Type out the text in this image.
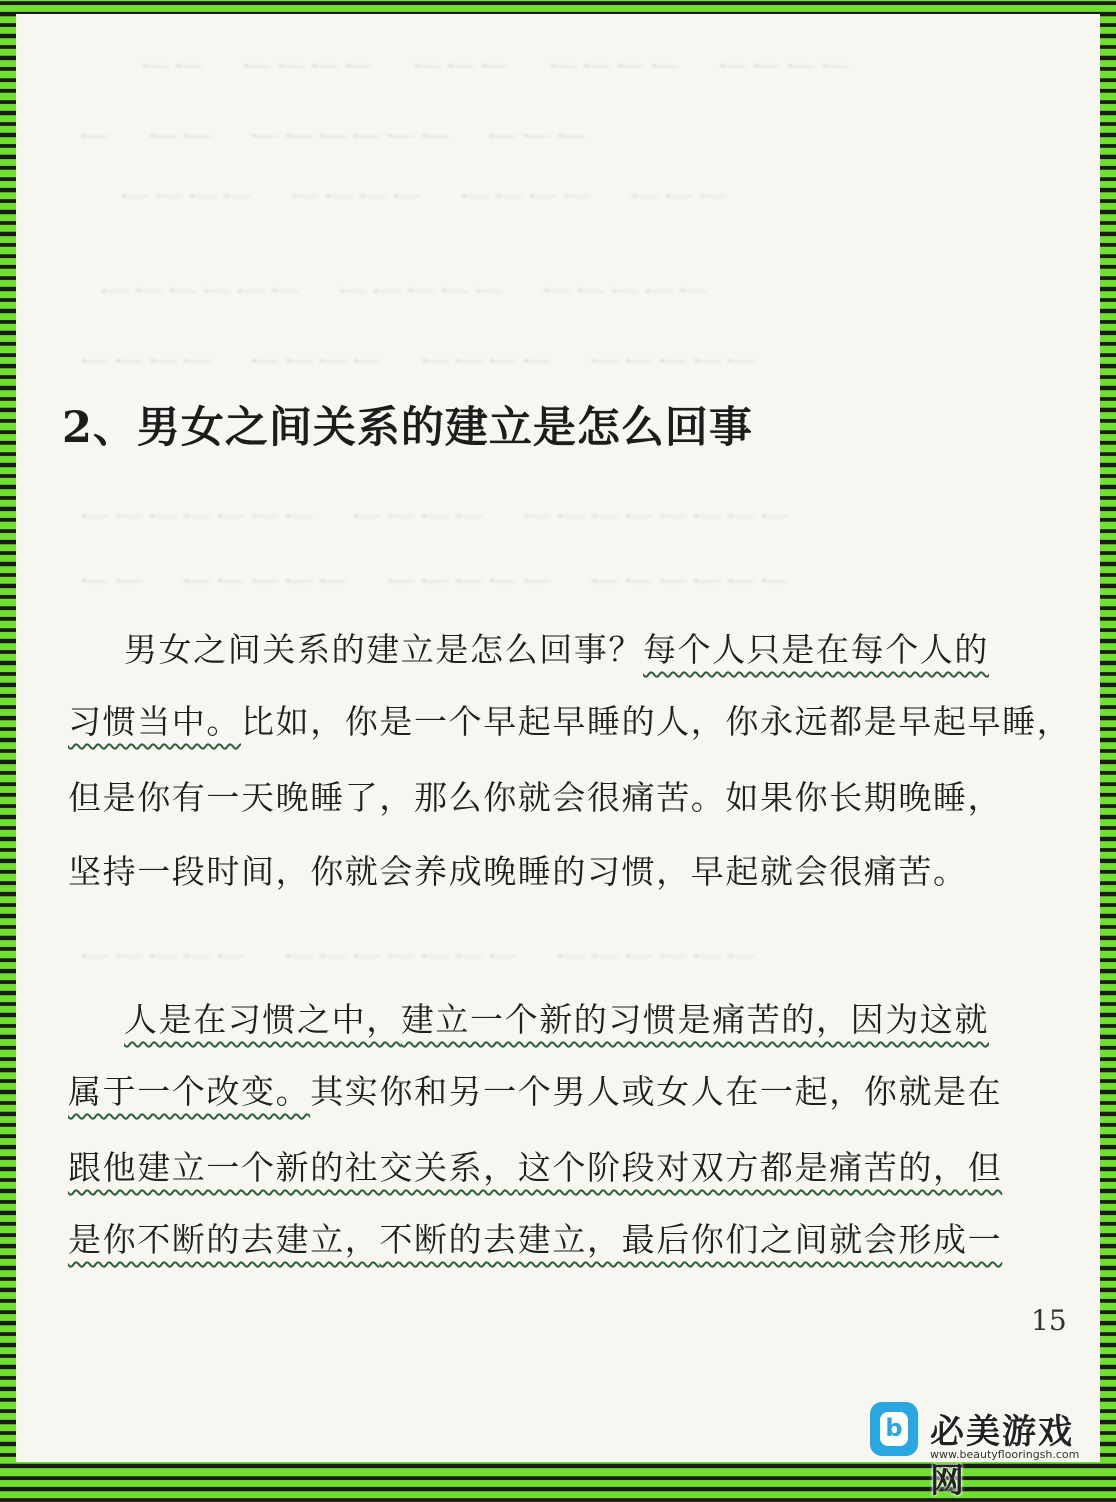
一一一一　一一一一　一一一　一一一一　一一
一一一　一一一一一一　一一　一
一一一　一一一一　一一一一　一一一一
一一一一一　一一一一一　一一一一一一
一一一一一　一一一一　一一一一　一一一一
一一一一一一一一　一一一一　一一一一一一一
一一一一一一　一一一一一　一一一一一　一一
一一一一一一　一一一一一一一　一一一一一
2、男女之间关系的建立是怎么回事
男女之间关系的建立是怎么回事？每个人只是在每个人的
习惯当中。比如，你是一个早起早睡的人，你永远都是早起早睡，
但是你有一天晚睡了，那么你就会很痛苦。如果你长期晚睡，
坚持一段时间，你就会养成晚睡的习惯，早起就会很痛苦。
人是在习惯之中，建立一个新的习惯是痛苦的，因为这就
属于一个改变。其实你和另一个男人或女人在一起，你就是在
跟他建立一个新的社交关系，这个阶段对双方都是痛苦的，但
是你不断的去建立，不断的去建立，最后你们之间就会形成一
15
b 必美游戏网
www.beautyflooringsh.com
